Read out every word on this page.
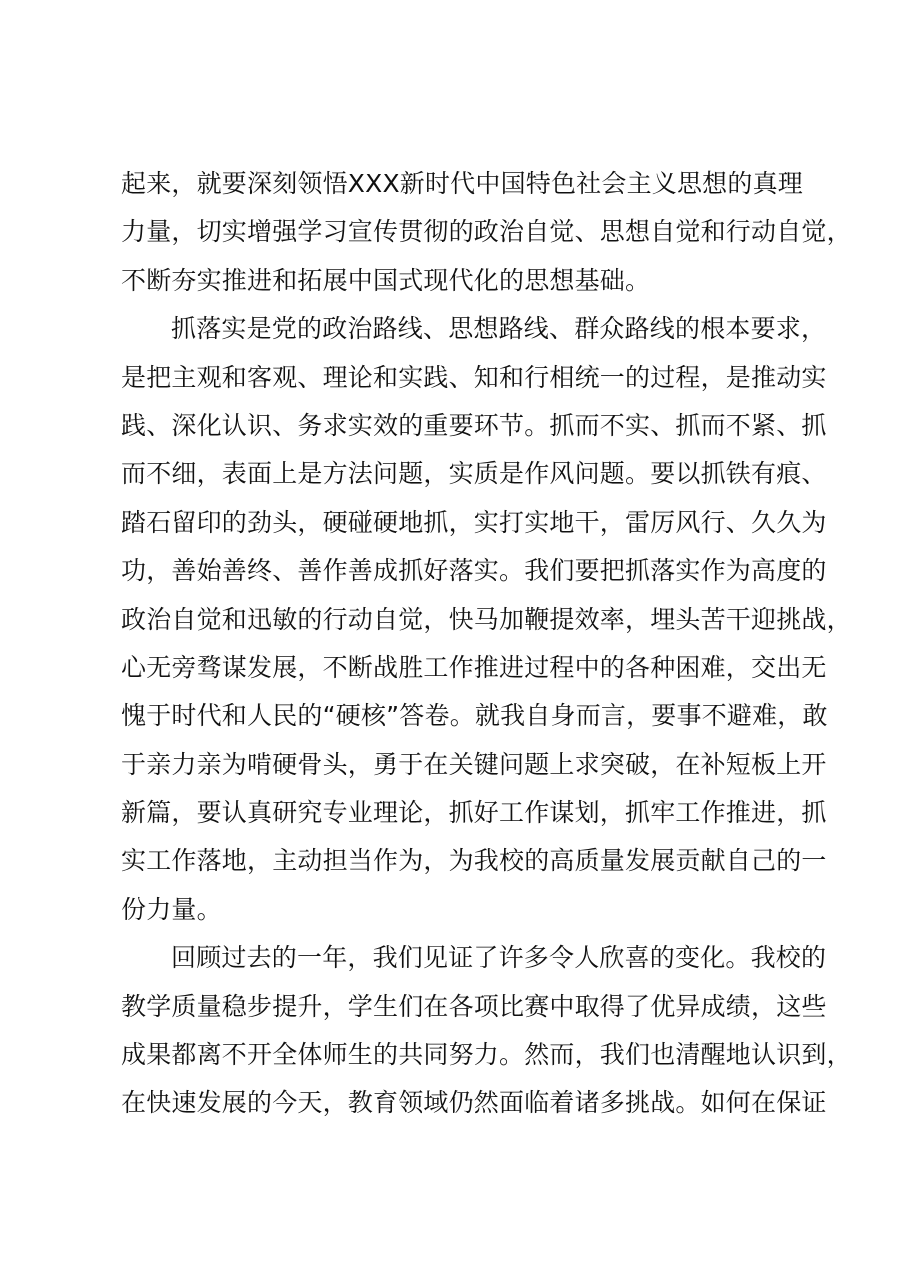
起来，就要深刻领悟XXX新时代中国特色社会主义思想的真理
力量，切实增强学习宣传贯彻的政治自觉、思想自觉和行动自觉，
不断夯实推进和拓展中国式现代化的思想基础。
抓落实是党的政治路线、思想路线、群众路线的根本要求，
是把主观和客观、理论和实践、知和行相统一的过程，是推动实
践、深化认识、务求实效的重要环节。抓而不实、抓而不紧、抓
而不细，表面上是方法问题，实质是作风问题。要以抓铁有痕、
踏石留印的劲头，硬碰硬地抓，实打实地干，雷厉风行、久久为
功，善始善终、善作善成抓好落实。我们要把抓落实作为高度的
政治自觉和迅敏的行动自觉，快马加鞭提效率，埋头苦干迎挑战，
心无旁骛谋发展，不断战胜工作推进过程中的各种困难，交出无
愧于时代和人民的“硬核”答卷。就我自身而言，要事不避难，敢
于亲力亲为啃硬骨头，勇于在关键问题上求突破，在补短板上开
新篇，要认真研究专业理论，抓好工作谋划，抓牢工作推进，抓
实工作落地，主动担当作为，为我校的高质量发展贡献自己的一
份力量。
回顾过去的一年，我们见证了许多令人欣喜的变化。我校的
教学质量稳步提升，学生们在各项比赛中取得了优异成绩，这些
成果都离不开全体师生的共同努力。然而，我们也清醒地认识到，
在快速发展的今天，教育领域仍然面临着诸多挑战。如何在保证
